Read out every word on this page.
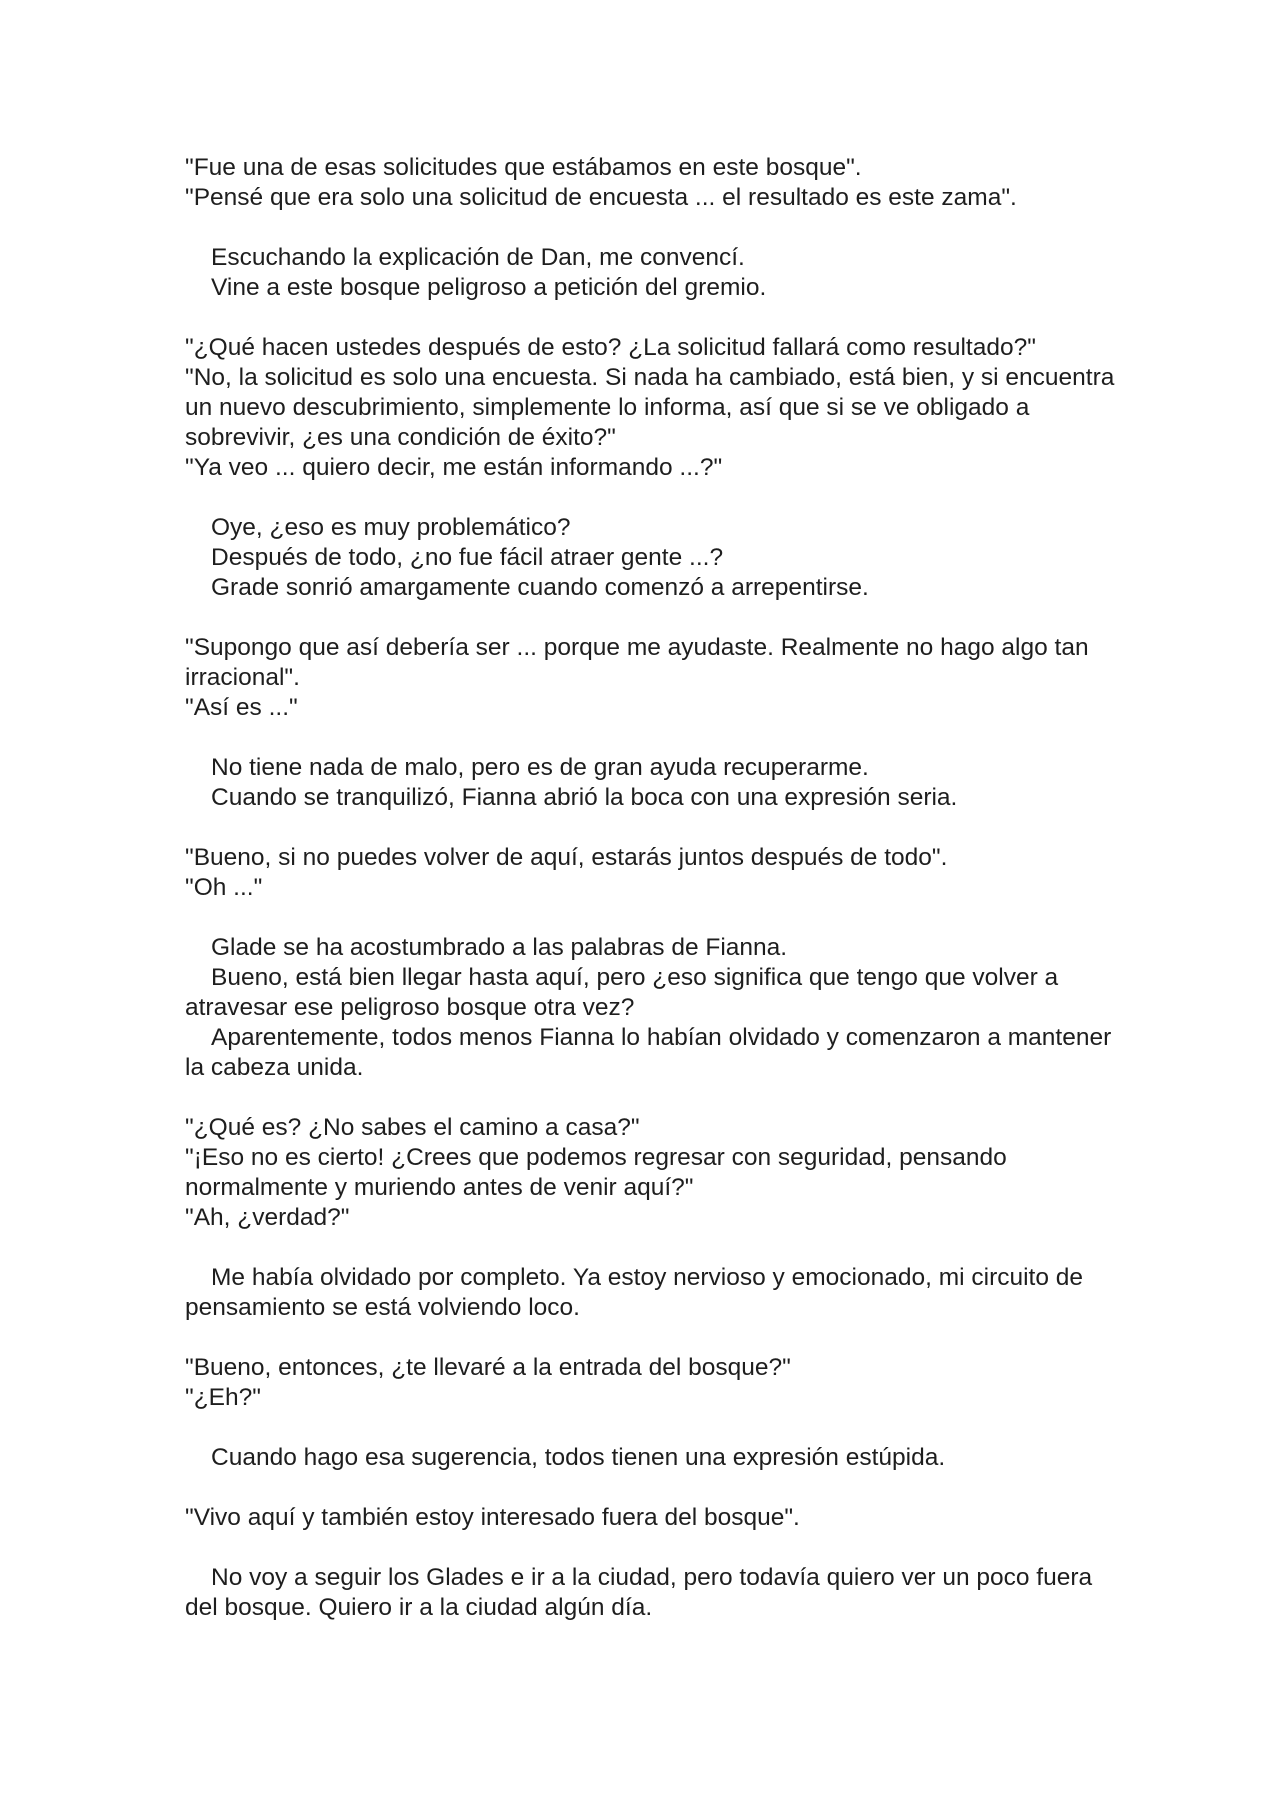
"Fue una de esas solicitudes que estábamos en este bosque".
"Pensé que era solo una solicitud de encuesta ... el resultado es este zama".
Escuchando la explicación de Dan, me convencí.
Vine a este bosque peligroso a petición del gremio.
"¿Qué hacen ustedes después de esto? ¿La solicitud fallará como resultado?"
"No, la solicitud es solo una encuesta. Si nada ha cambiado, está bien, y si encuentra un nuevo descubrimiento, simplemente lo informa, así que si se ve obligado a sobrevivir, ¿es una condición de éxito?"
"Ya veo ... quiero decir, me están informando ...?"
Oye, ¿eso es muy problemático?
Después de todo, ¿no fue fácil atraer gente ...?
Grade sonrió amargamente cuando comenzó a arrepentirse.
"Supongo que así debería ser ... porque me ayudaste. Realmente no hago algo tan irracional".
"Así es ..."
No tiene nada de malo, pero es de gran ayuda recuperarme.
Cuando se tranquilizó, Fianna abrió la boca con una expresión seria.
"Bueno, si no puedes volver de aquí, estarás juntos después de todo".
"Oh ..."
Glade se ha acostumbrado a las palabras de Fianna.
Bueno, está bien llegar hasta aquí, pero ¿eso significa que tengo que volver a atravesar ese peligroso bosque otra vez?
Aparentemente, todos menos Fianna lo habían olvidado y comenzaron a mantener la cabeza unida.
"¿Qué es? ¿No sabes el camino a casa?"
"¡Eso no es cierto! ¿Crees que podemos regresar con seguridad, pensando normalmente y muriendo antes de venir aquí?"
"Ah, ¿verdad?"
Me había olvidado por completo. Ya estoy nervioso y emocionado, mi circuito de pensamiento se está volviendo loco.
"Bueno, entonces, ¿te llevaré a la entrada del bosque?"
"¿Eh?"
Cuando hago esa sugerencia, todos tienen una expresión estúpida.
"Vivo aquí y también estoy interesado fuera del bosque".
No voy a seguir los Glades e ir a la ciudad, pero todavía quiero ver un poco fuera del bosque. Quiero ir a la ciudad algún día.
